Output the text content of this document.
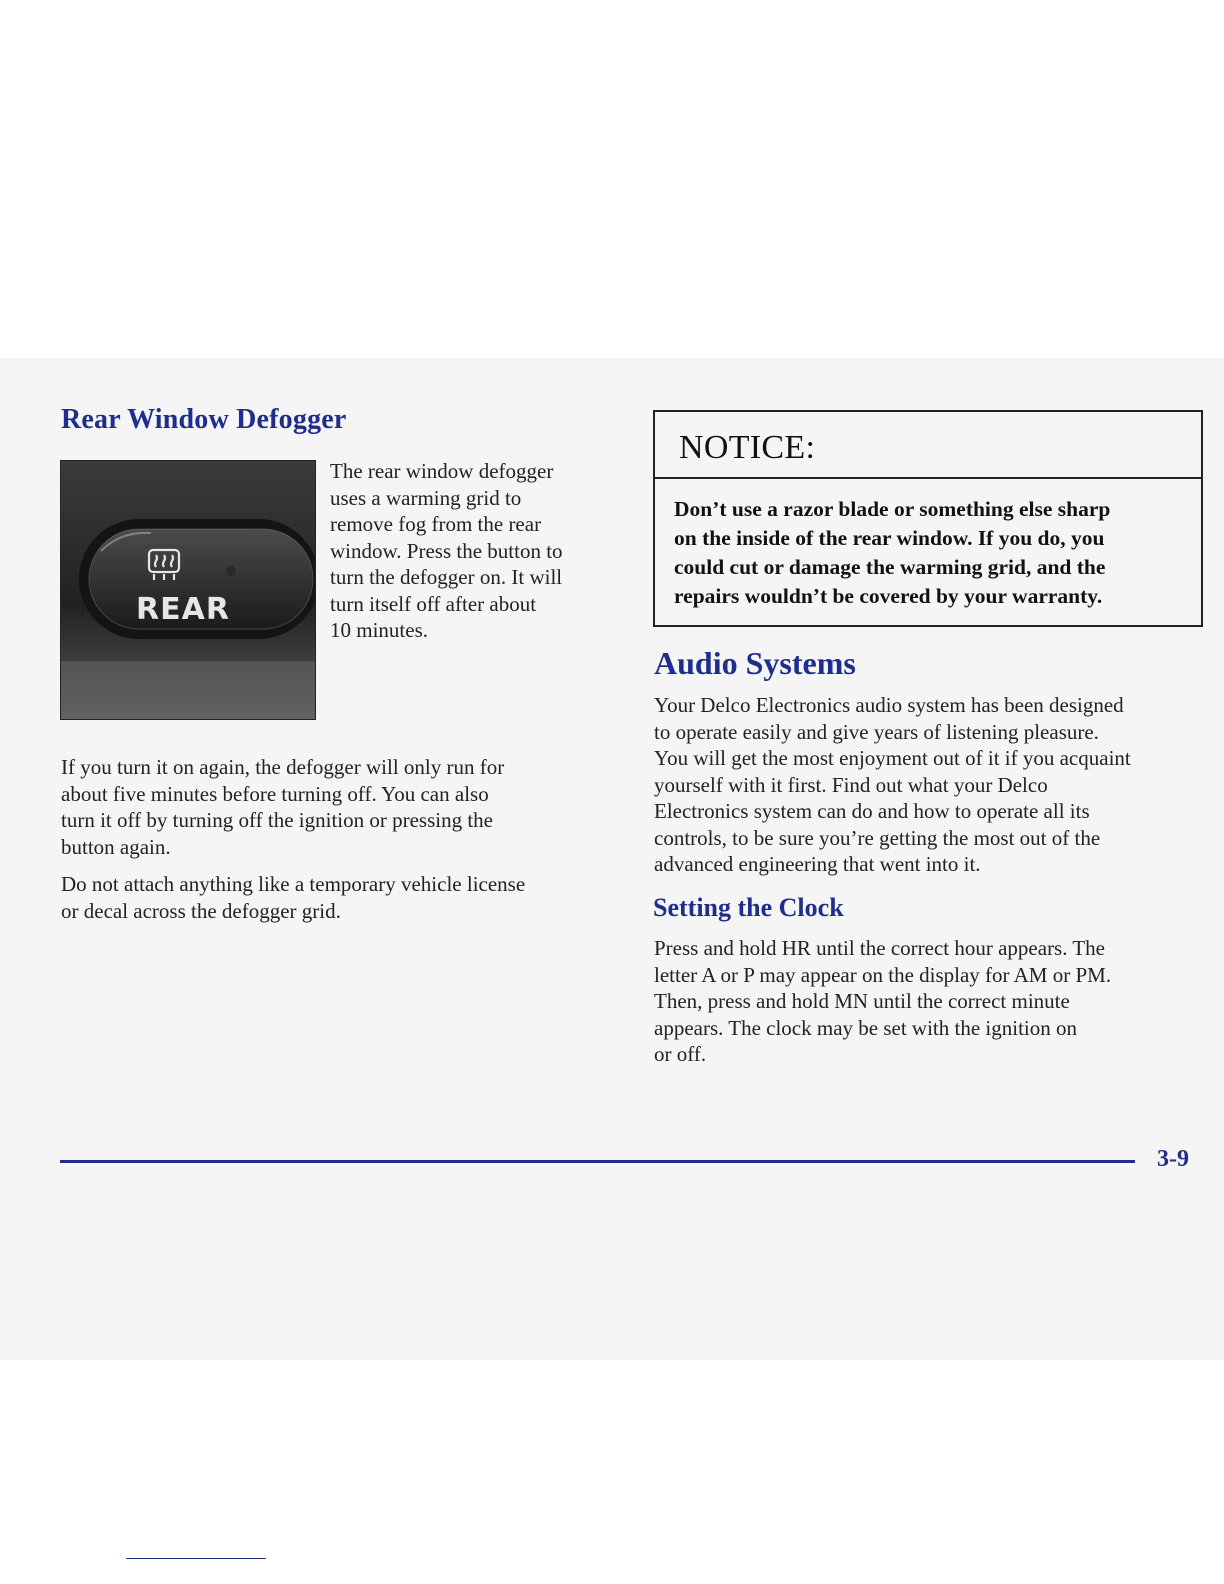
Rear Window Defogger
REAR
The rear window defogger
uses a warming grid to
remove fog from the rear
window. Press the button to
turn the defogger on. It will
turn itself off after about
10 minutes.
If you turn it on again, the defogger will only run for
about five minutes before turning off. You can also
turn it off by turning off the ignition or pressing the
button again.
Do not attach anything like a temporary vehicle license
or decal across the defogger grid.
NOTICE:
Don’t use a razor blade or something else sharp
on the inside of the rear window. If you do, you
could cut or damage the warming grid, and the
repairs wouldn’t be covered by your warranty.
Audio Systems
Your Delco Electronics audio system has been designed
to operate easily and give years of listening pleasure.
You will get the most enjoyment out of it if you acquaint
yourself with it first. Find out what your Delco
Electronics system can do and how to operate all its
controls, to be sure you’re getting the most out of the
advanced engineering that went into it.
Setting the Clock
Press and hold HR until the correct hour appears. The
letter A or P may appear on the display for AM or PM.
Then, press and hold MN until the correct minute
appears. The clock may be set with the ignition on
or off.
3-9
